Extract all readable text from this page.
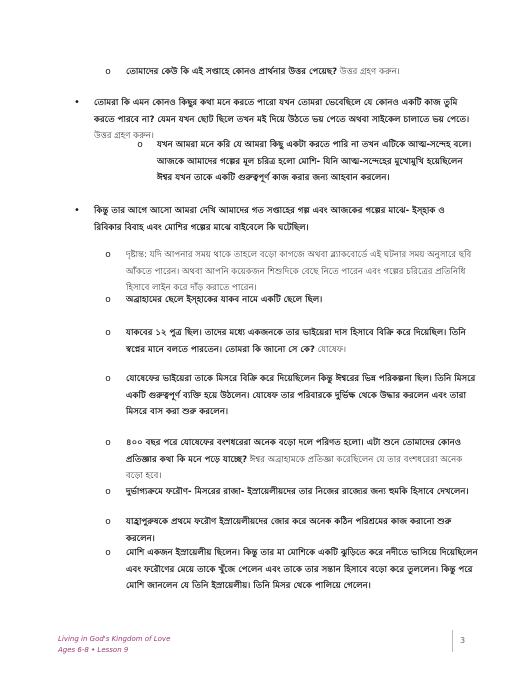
o তোমাদের কেউ কি এই সপ্তাহে কোনও প্রার্থনার উত্তর পেয়েছ? উত্তর গ্রহণ করুন।
• তোমরা কি এমন কোনও কিছুর কথা মনে করতে পারো যখন তোমরা ভেবেছিলে যে কোনও একটি কাজ তুমি করতে পারবে না? যেমন যখন ছোট ছিলে তখন মই দিয়ে উঠতে ভয় পেতে অথবা সাইকেল চালাতে ভয় পেতে। উত্তর গ্রহণ করুন।
o যখন আমরা মনে করি যে আমরা কিছু একটা করতে পারি না তখন এটিকে আত্ম-সন্দেহ বলে। আজকে আমাদের গল্পের মূল চরিত্র হলো মোশি- যিনি আত্ম-সন্দেহের মুখোমুখি হয়েছিলেন ঈশ্বর যখন তাকে একটি গুরুত্বপূর্ণ কাজ করার জন্য আহবান করলেন।
• কিন্তু তার আগে আসো আমরা দেখি আমাদের গত সপ্তাহের গল্প এবং আজকের গল্পের মাঝে- ইস্‌হাক ও রিবিকার বিবাহ এবং মোশির গল্পের মাঝে বাইবেলে কি ঘটেছিল।
o দৃষ্টান্ত: যদি আপনার সময় থাকে তাহলে বড়ো কাগজে অথবা ব্ল্যাকবোর্ডে এই ঘটনার সময় অনুসারে ছবি আঁকতে পারেন। অথবা আপনি কয়েকজন শিশুদিকে বেছে নিতে পারেন এবং গল্পের চরিত্রের প্রতিনিধি হিসাবে লাইন করে দাঁড় করাতে পারেন।
o অব্রাহামের ছেলে ইস্‌হাকের যাকব নামে একটি ছেলে ছিল।
o যাকবের ১২ পুত্র ছিল। তাদের মধ্যে একজনকে তার ভাইয়েরা দাস হিসাবে বিক্রি করে দিয়েছিল। তিনি স্বপ্নের মানে বলতে পারতেন। তোমরা কি জানো সে কে? যোষেফ।
o যোষেফের ভাইয়েরা তাকে মিসরে বিক্রি করে দিয়েছিলেন কিন্তু ঈশ্বরের ভিন্ন পরিকল্পনা ছিল। তিনি মিসরে একটি গুরুত্বপূর্ণ ব্যক্তি হয়ে উঠলেন। যোষেফ তার পরিবারকে দুর্ভিক্ষ থেকে উদ্ধার করলেন এবং তারা মিসরে বাস করা শুরু করলেন।
o ৪০০ বছর পরে যোষেফের বংশধরেরা অনেক বড়ো দলে পরিণত হলো। এটা শুনে তোমাদের কোনও প্রতিজ্ঞার কথা কি মনে পড়ে যাচ্ছে? ঈশ্বর অব্রাহামকে প্রতিজ্ঞা করেছিলেন যে তার বংশধরেরা অনেক বড়ো হবে।
o দুর্ভাগ্যক্রমে ফরৌণ- মিসরের রাজা- ইস্রায়েলীয়দের তার নিজের রাজ্যের জন্য হুমকি হিসাবে দেখলেন।
o যাহ্রাপুরুষকে প্রথমে ফরৌণ ইস্রায়েলীয়দের জোর করে অনেক কঠিন পরিশ্রমের কাজ করানো শুরু করলেন।
o মোশি একজন ইস্রায়েলীয় ছিলেন। কিন্তু তার মা মোশিকে একটি ঝুড়িতে করে নদীতে ভাসিয়ে দিয়েছিলেন এবং ফরৌণের মেয়ে তাকে খুঁজে পেলেন এবং তাকে তার সন্তান হিসাবে বড়ো করে তুললেন। কিন্তু পরে মোশি জানলেন যে তিনি ইস্রায়েলীয়। তিনি মিসর থেকে পালিয়ে গেলেন।
Living in God's Kingdom of Love
Ages 6-8 • Lesson 9
3
